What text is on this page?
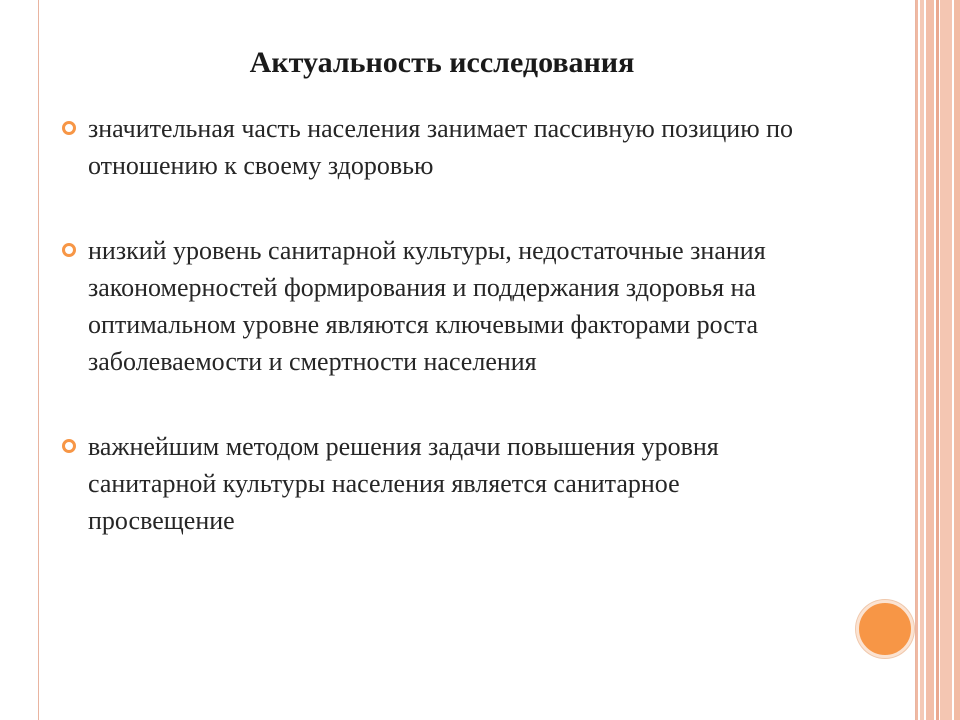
Актуальность исследования
значительная часть населения занимает пассивную позицию по отношению к своему здоровью
низкий уровень санитарной культуры, недостаточные знания закономерностей формирования и поддержания здоровья на оптимальном уровне являются ключевыми факторами роста заболеваемости и смертности населения
важнейшим методом решения задачи повышения уровня санитарной культуры населения является санитарное просвещение
